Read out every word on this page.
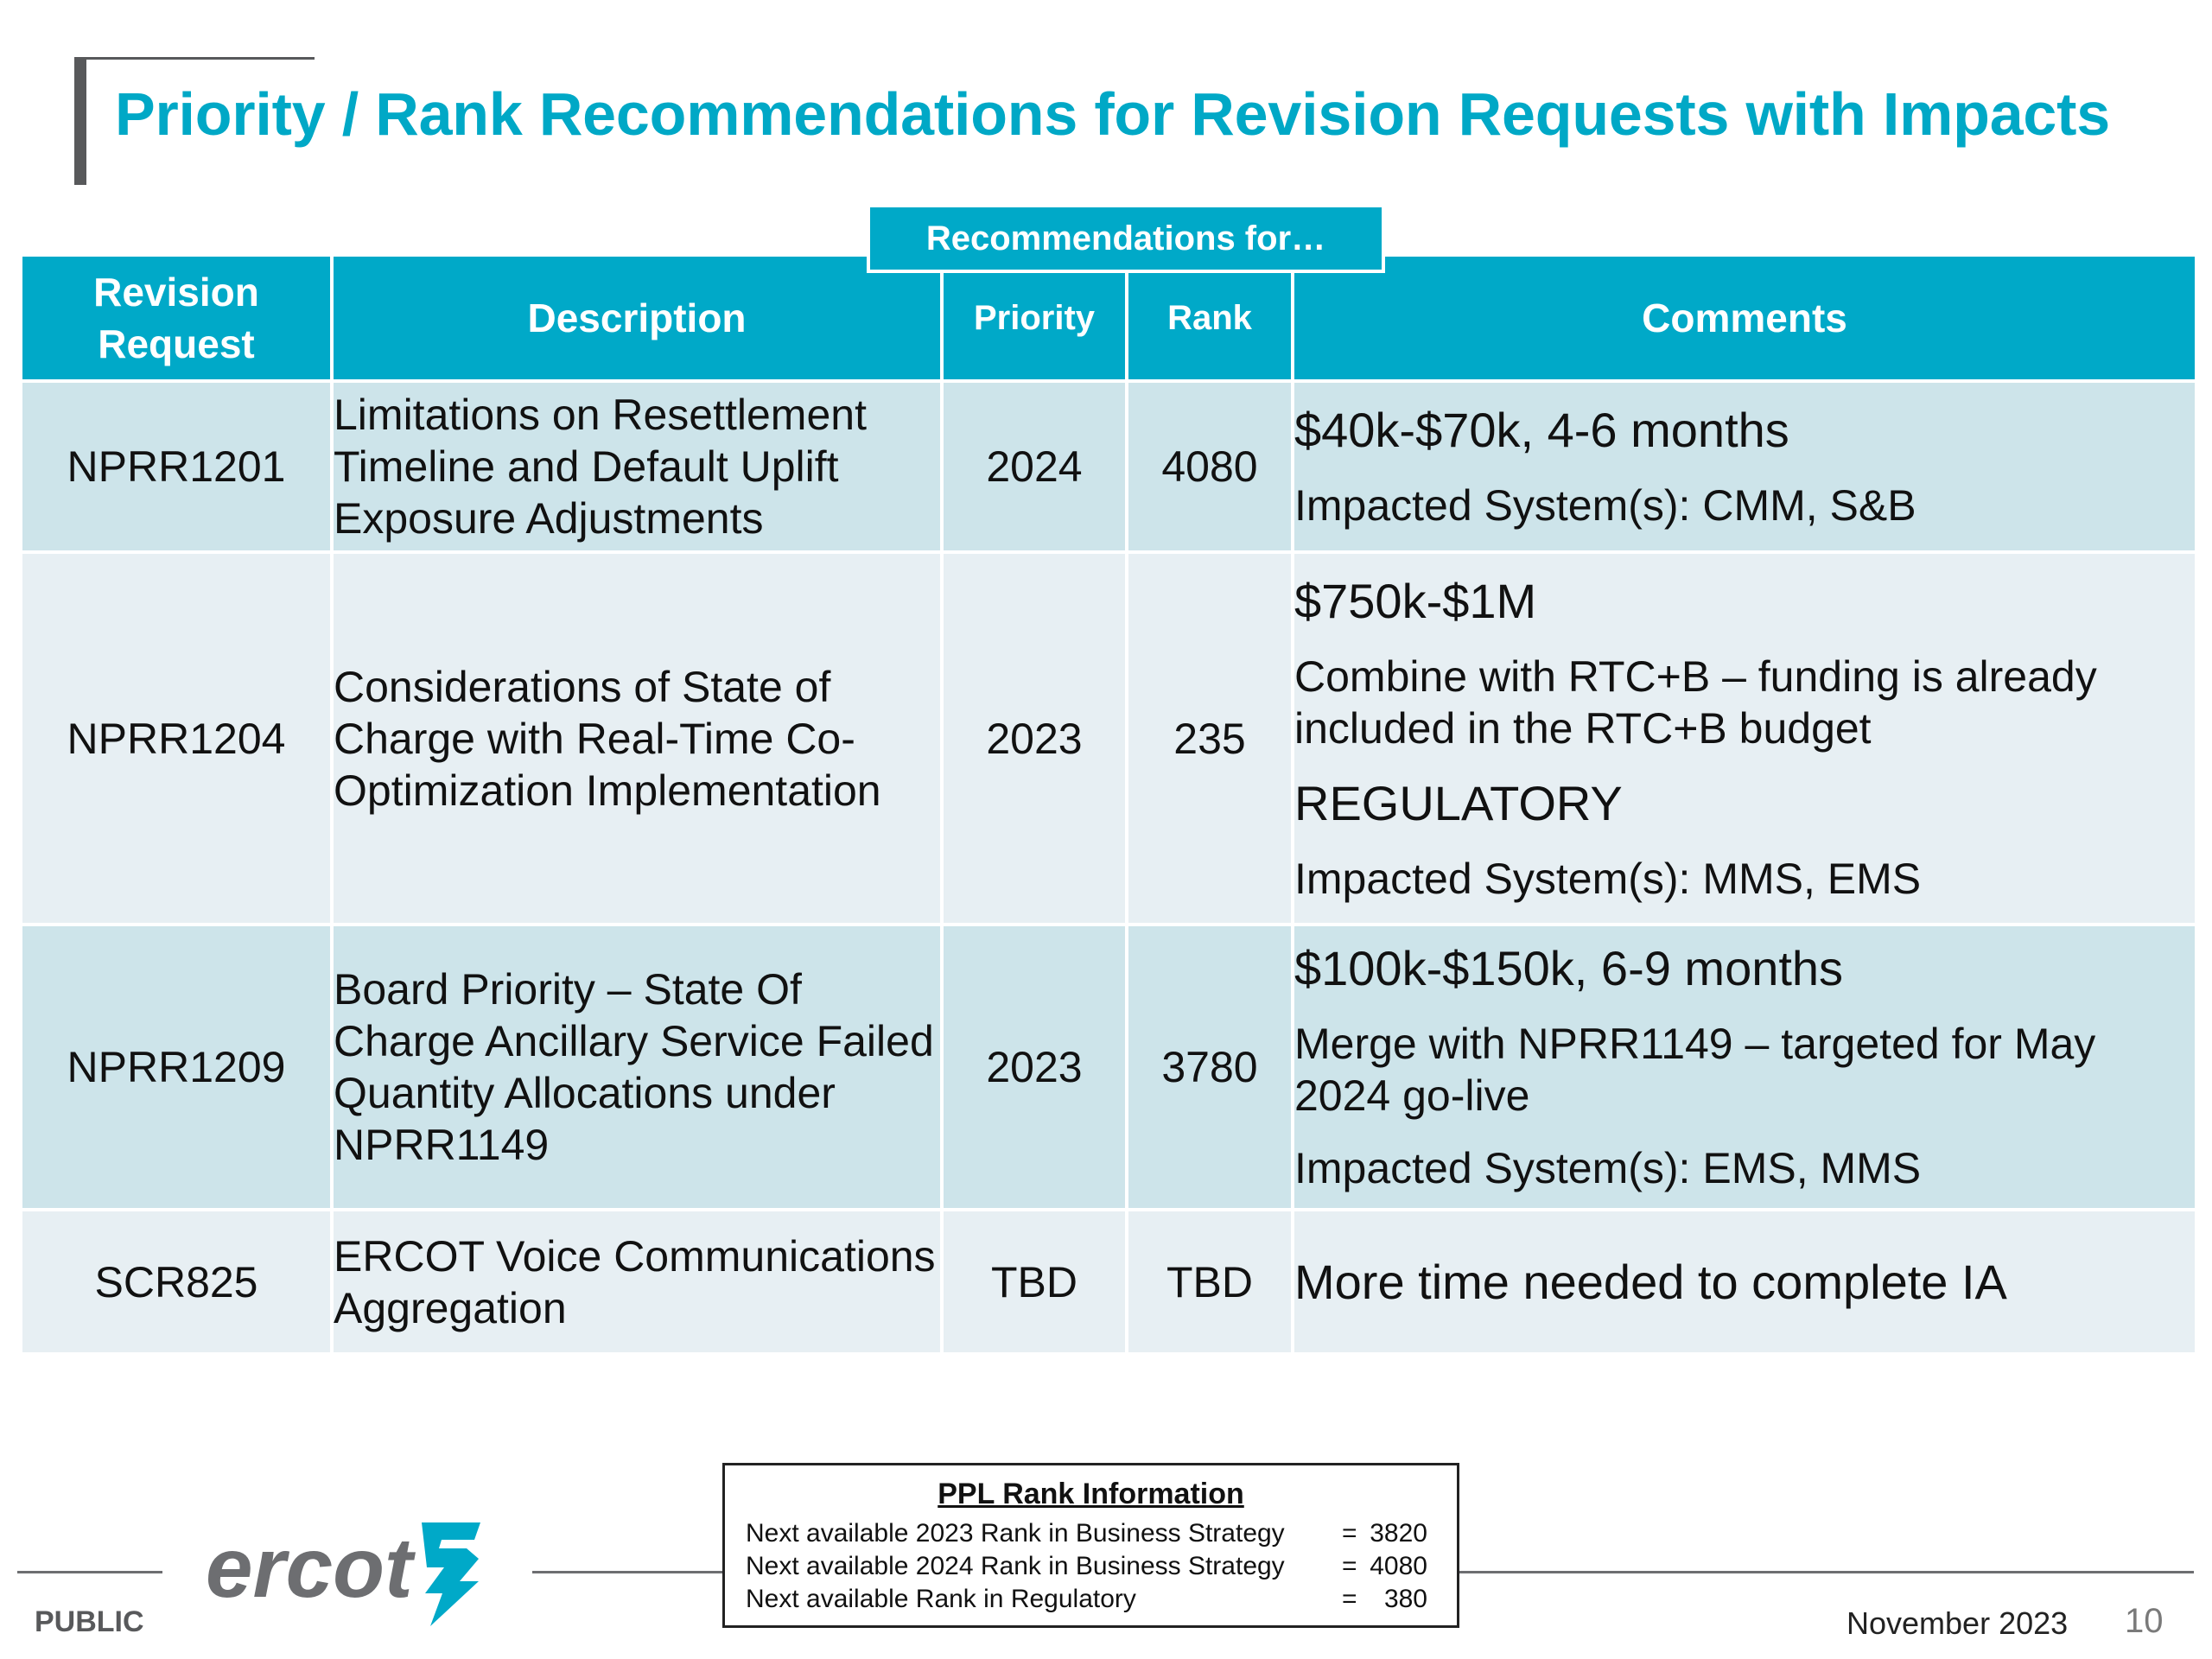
Priority / Rank Recommendations for Revision Requests with Impacts
Recommendations for…
Revision Request	Description	Priority	Rank	Comments
NPRR1201	Limitations on Resettlement Timeline and Default Uplift Exposure Adjustments	2024	4080	$40k-$70k, 4-6 months
Impacted System(s): CMM, S&B

NPRR1204	Considerations of State of Charge with Real-Time Co-Optimization Implementation	2023	235	$750k-$1M
Combine with RTC+B – funding is already included in the RTC+B budget
REGULATORY
Impacted System(s): MMS, EMS

NPRR1209	Board Priority – State Of Charge Ancillary Service Failed Quantity Allocations under NPRR1149	2023	3780	$100k-$150k, 6-9 months
Merge with NPRR1149 – targeted for May 2024 go-live
Impacted System(s): EMS, MMS

SCR825	ERCOT Voice Communications Aggregation	TBD	TBD	More time needed to complete IA
ercot
PUBLIC
PPL Rank Information
Next available 2023 Rank in Business Strategy = 3820
Next available 2024 Rank in Business Strategy = 4080
Next available Rank in Regulatory	= 380
November 2023 10
